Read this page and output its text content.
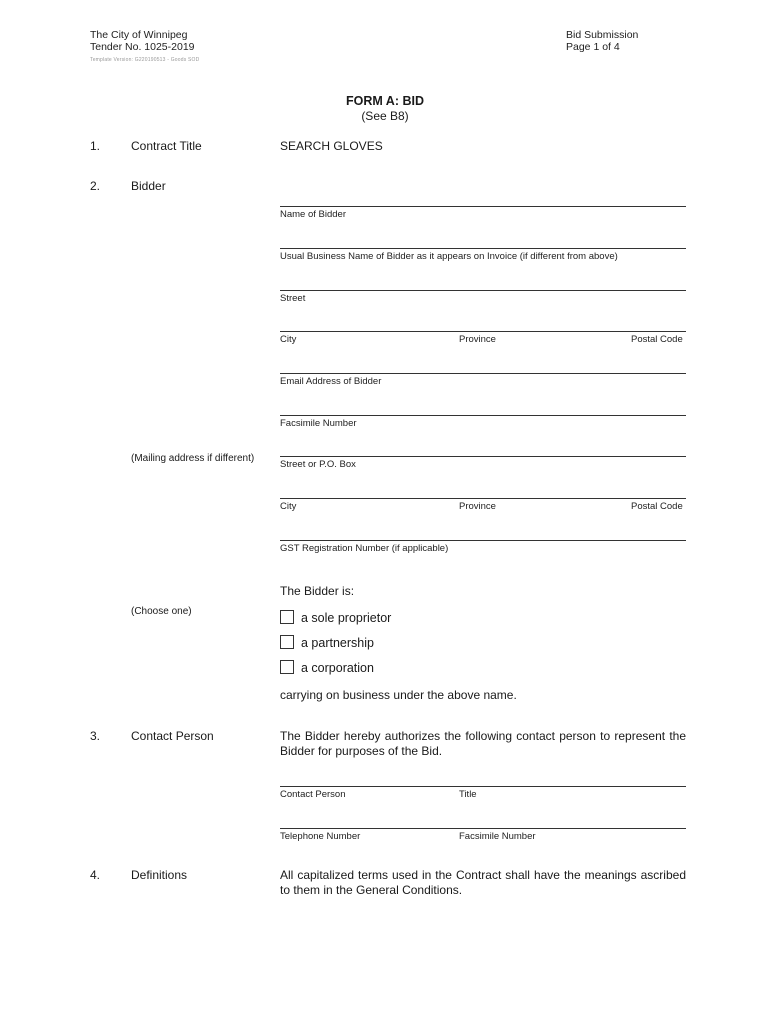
The City of Winnipeg
Tender No. 1025-2019
Template Version: G220190513 - Goods SOD
Bid Submission
Page 1 of 4
FORM A: BID
(See B8)
1.	Contract Title	SEARCH GLOVES
2.	Bidder
Name of Bidder
Usual Business Name of Bidder as it appears on Invoice (if different from above)
Street
City	Province	Postal Code
Email Address of Bidder
Facsimile Number
(Mailing address if different)
Street or P.O. Box
City	Province	Postal Code
GST Registration Number (if applicable)
The Bidder is:
(Choose one)	a sole proprietor
a partnership
a corporation
carrying on business under the above name.
3.	Contact Person	The Bidder hereby authorizes the following contact person to represent the Bidder for purposes of the Bid.
Contact Person	Title
Telephone Number	Facsimile Number
4.	Definitions	All capitalized terms used in the Contract shall have the meanings ascribed to them in the General Conditions.
